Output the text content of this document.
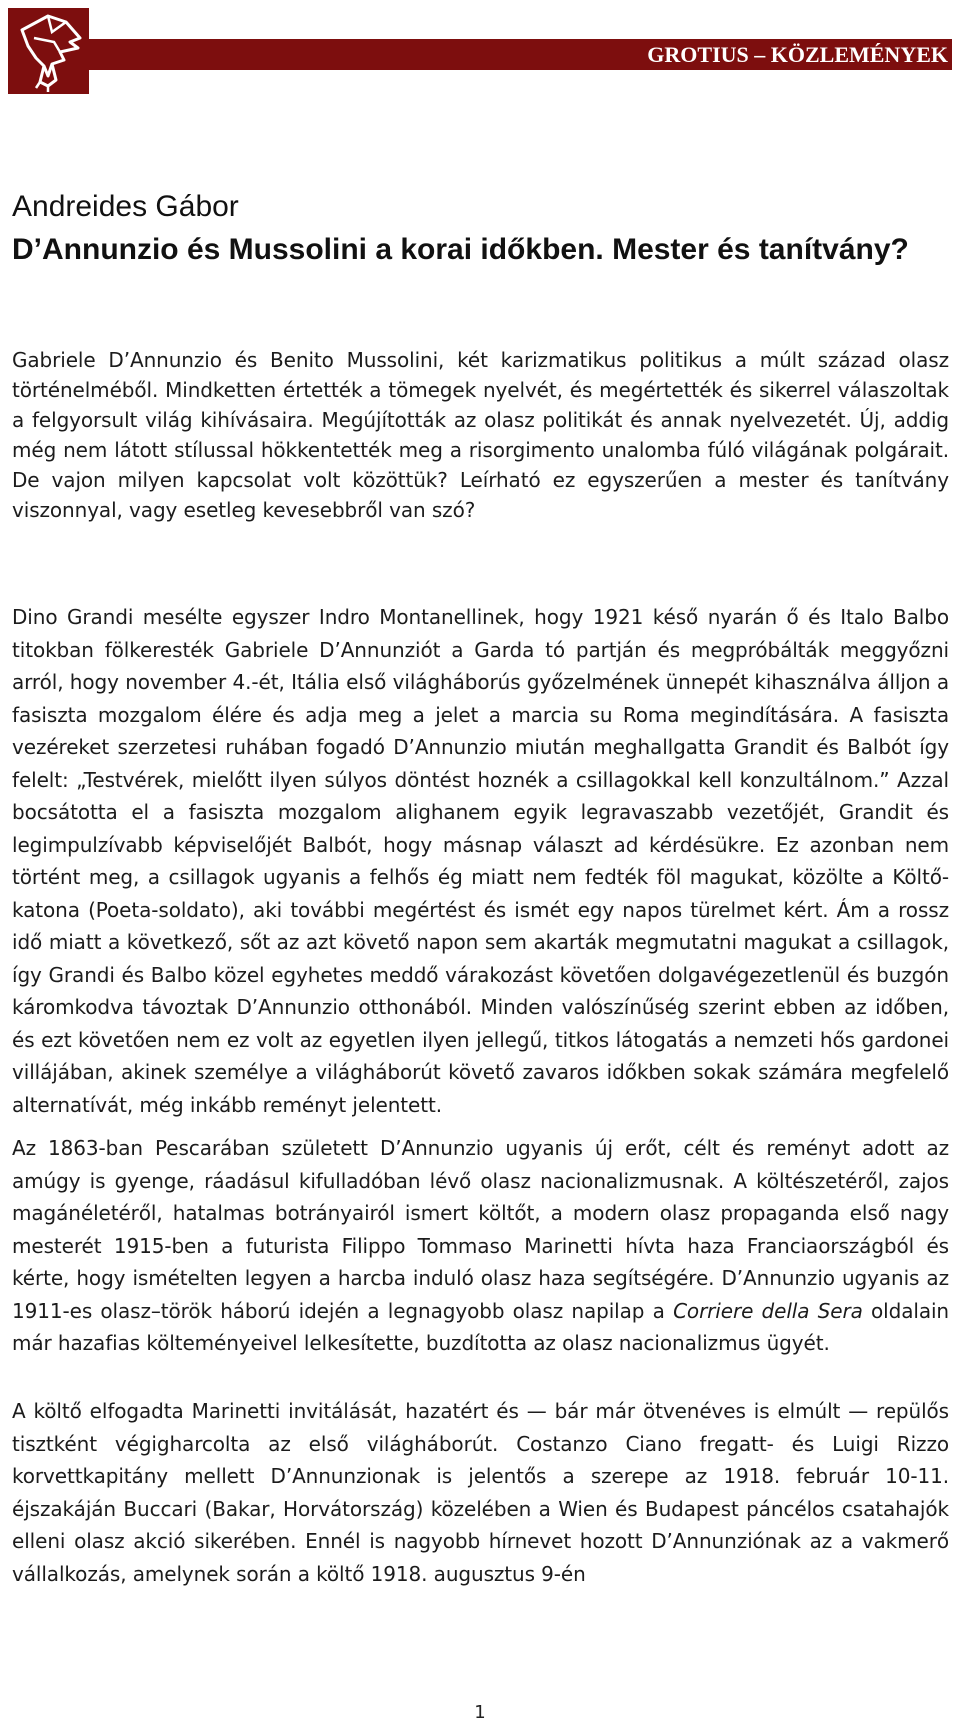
GROTIUS – KÖZLEMÉNYEK
Andreides Gábor
D’Annunzio és Mussolini a korai időkben. Mester és tanítvány?

Gabriele D’Annunzio és Benito Mussolini, két karizmatikus politikus a múlt század olasz történelméből. Mindketten értették a tömegek nyelvét, és megértették és sikerrel válaszoltak a felgyorsult világ kihívásaira. Megújították az olasz politikát és annak nyelvezetét. Új, addig még nem látott stílussal hökkentették meg a risorgimento unalomba fúló világának polgárait. De vajon milyen kapcsolat volt közöttük? Leírható ez egyszerűen a mester és tanítvány viszonnyal, vagy esetleg kevesebbről van szó?

Dino Grandi mesélte egyszer Indro Montanellinek, hogy 1921 késő nyarán ő és Italo Balbo titokban fölkeresték Gabriele D’Annunziót a Garda tó partján és megpróbálták meggyőzni arról, hogy november 4.-ét, Itália első világháborús győzelmének ünnepét kihasználva álljon a fasiszta mozgalom élére és adja meg a jelet a marcia su Roma megindítására. A fasiszta vezéreket szerzetesi ruhában fogadó D’Annunzio miután meghallgatta Grandit és Balbót így felelt: „Testvérek, mielőtt ilyen súlyos döntést hoznék a csillagokkal kell konzultálnom.” Azzal bocsátotta el a fasiszta mozgalom alighanem egyik legravaszabb vezetőjét, Grandit és legimpulzívabb képviselőjét Balbót, hogy másnap választ ad kérdésükre. Ez azonban nem történt meg, a csillagok ugyanis a felhős ég miatt nem fedték föl magukat, közölte a Költő-katona (Poeta-soldato), aki további megértést és ismét egy napos türelmet kért. Ám a rossz idő miatt a következő, sőt az azt követő napon sem akarták megmutatni magukat a csillagok, így Grandi és Balbo közel egyhetes meddő várakozást követően dolgavégezetlenül és buzgón káromkodva távoztak D’Annunzio otthonából. Minden valószínűség szerint ebben az időben, és ezt követően nem ez volt az egyetlen ilyen jellegű, titkos látogatás a nemzeti hős gardonei villájában, akinek személye a világháborút követő zavaros időkben sokak számára megfelelő alternatívát, még inkább reményt jelentett.

Az 1863-ban Pescarában született D’Annunzio ugyanis új erőt, célt és reményt adott az amúgy is gyenge, ráadásul kifulladóban lévő olasz nacionalizmusnak. A költészetéről, zajos magánéletéről, hatalmas botrányairól ismert költőt, a modern olasz propaganda első nagy mesterét 1915-ben a futurista Filippo Tommaso Marinetti hívta haza Franciaországból és kérte, hogy ismételten legyen a harcba induló olasz haza segítségére. D’Annunzio ugyanis az 1911-es olasz–török háború idején a legnagyobb olasz napilap a Corriere della Sera oldalain már hazafias költeményeivel lelkesítette, buzdította az olasz nacionalizmus ügyét.

A költő elfogadta Marinetti invitálását, hazatért és — bár már ötvenéves is elmúlt — repülős tisztként végigharcolta az első világháborút. Costanzo Ciano fregatt- és Luigi Rizzo korvettkapitány mellett D’Annunzionak is jelentős a szerepe az 1918. február 10-11. éjszakáján Buccari (Bakar, Horvátország) közelében a Wien és Budapest páncélos csatahajók elleni olasz akció sikerében. Ennél is nagyobb hírnevet hozott D’Annunziónak az a vakmerő vállalkozás, amelynek során a költő 1918. augusztus 9-én

1
